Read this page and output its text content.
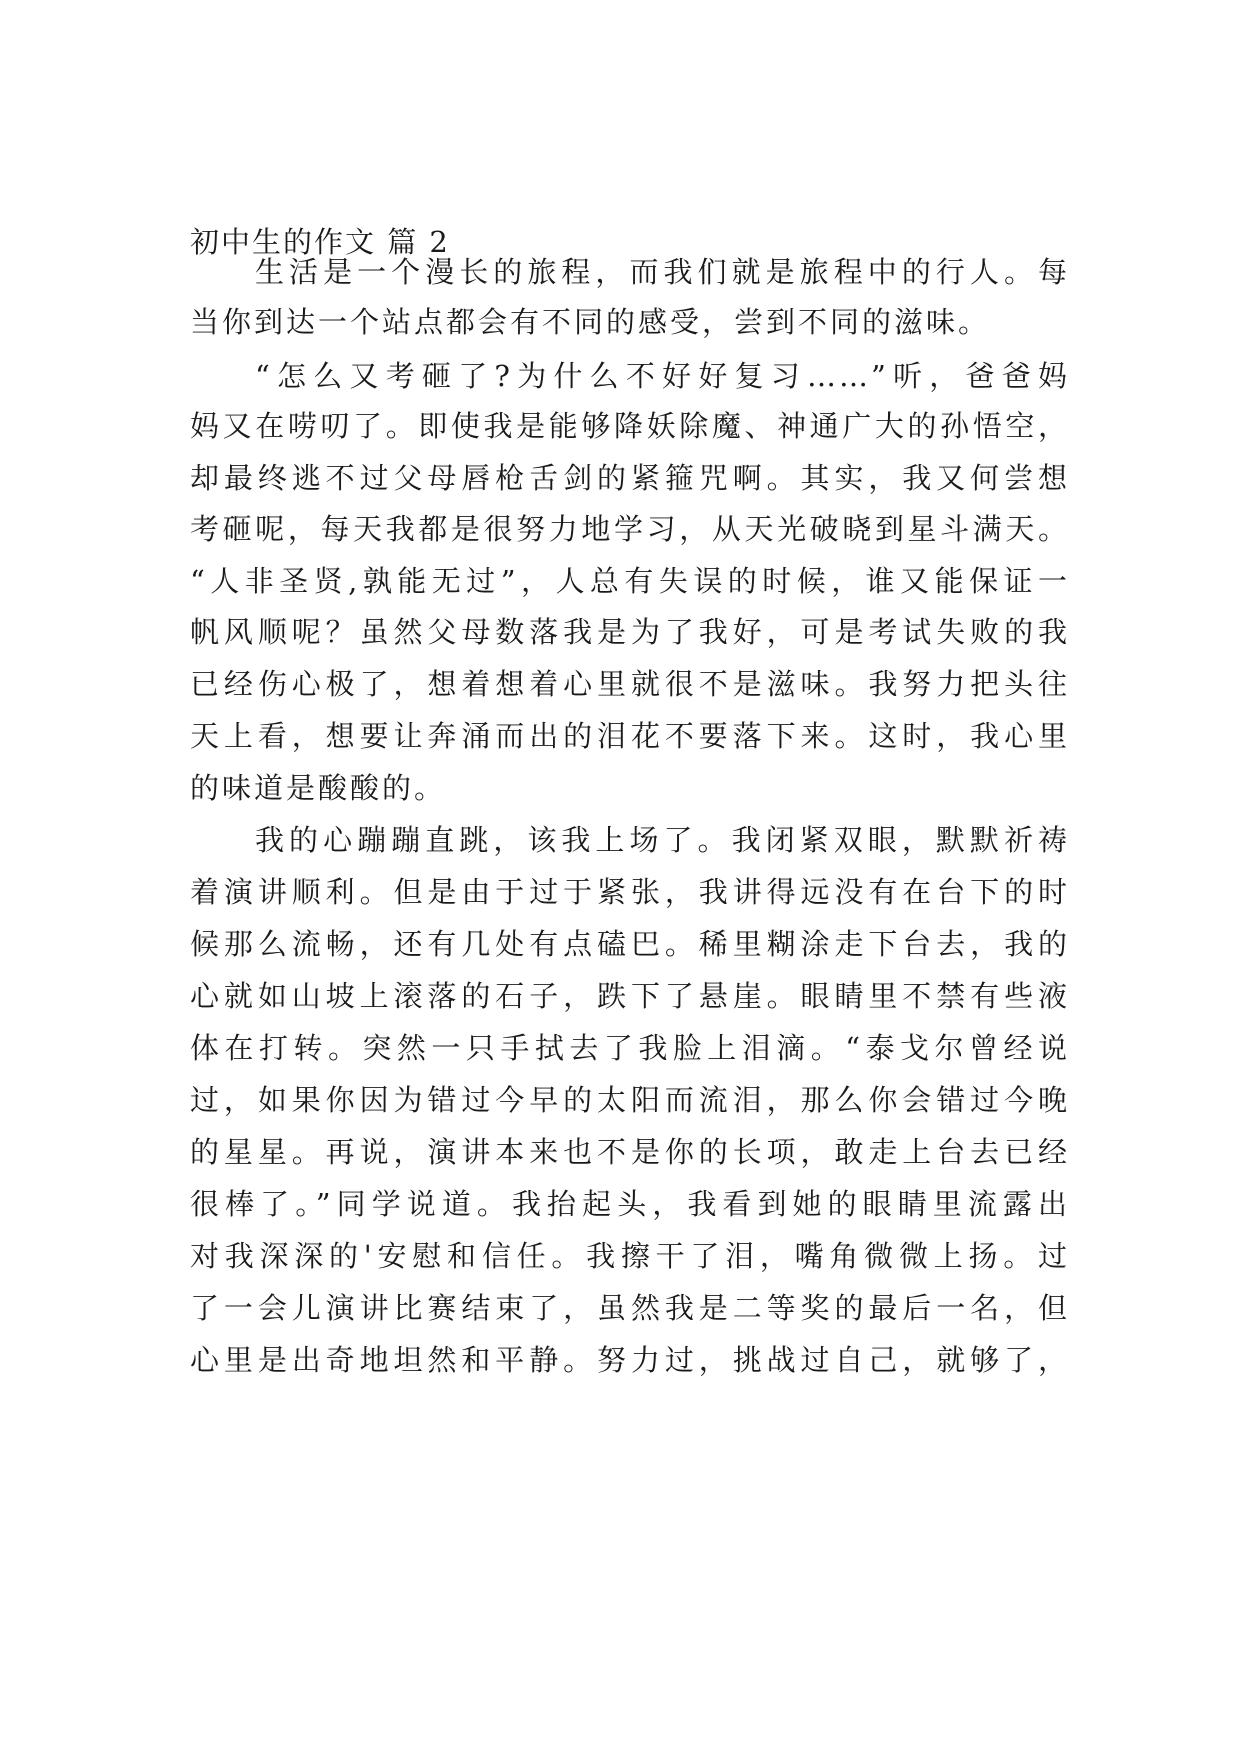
初中生的作文 篇 2
生活是一个漫长的旅程，而我们就是旅程中的行人。每
当你到达一个站点都会有不同的感受，尝到不同的滋味。
“怎么又考砸了?为什么不好好复习……”听，爸爸妈
妈又在唠叨了。即使我是能够降妖除魔、神通广大的孙悟空，
却最终逃不过父母唇枪舌剑的紧箍咒啊。其实，我又何尝想
考砸呢，每天我都是很努力地学习，从天光破晓到星斗满天。
“人非圣贤,孰能无过”，人总有失误的时候，谁又能保证一
帆风顺呢？虽然父母数落我是为了我好，可是考试失败的我
已经伤心极了，想着想着心里就很不是滋味。我努力把头往
天上看，想要让奔涌而出的泪花不要落下来。这时，我心里
的味道是酸酸的。
我的心蹦蹦直跳，该我上场了。我闭紧双眼，默默祈祷
着演讲顺利。但是由于过于紧张，我讲得远没有在台下的时
候那么流畅，还有几处有点磕巴。稀里糊涂走下台去，我的
心就如山坡上滚落的石子，跌下了悬崖。眼睛里不禁有些液
体在打转。突然一只手拭去了我脸上泪滴。“泰戈尔曾经说
过，如果你因为错过今早的太阳而流泪，那么你会错过今晚
的星星。再说，演讲本来也不是你的长项，敢走上台去已经
很棒了。”同学说道。我抬起头，我看到她的眼睛里流露出
对我深深的'安慰和信任。我擦干了泪，嘴角微微上扬。过
了一会儿演讲比赛结束了，虽然我是二等奖的最后一名，但
心里是出奇地坦然和平静。努力过，挑战过自己，就够了，
